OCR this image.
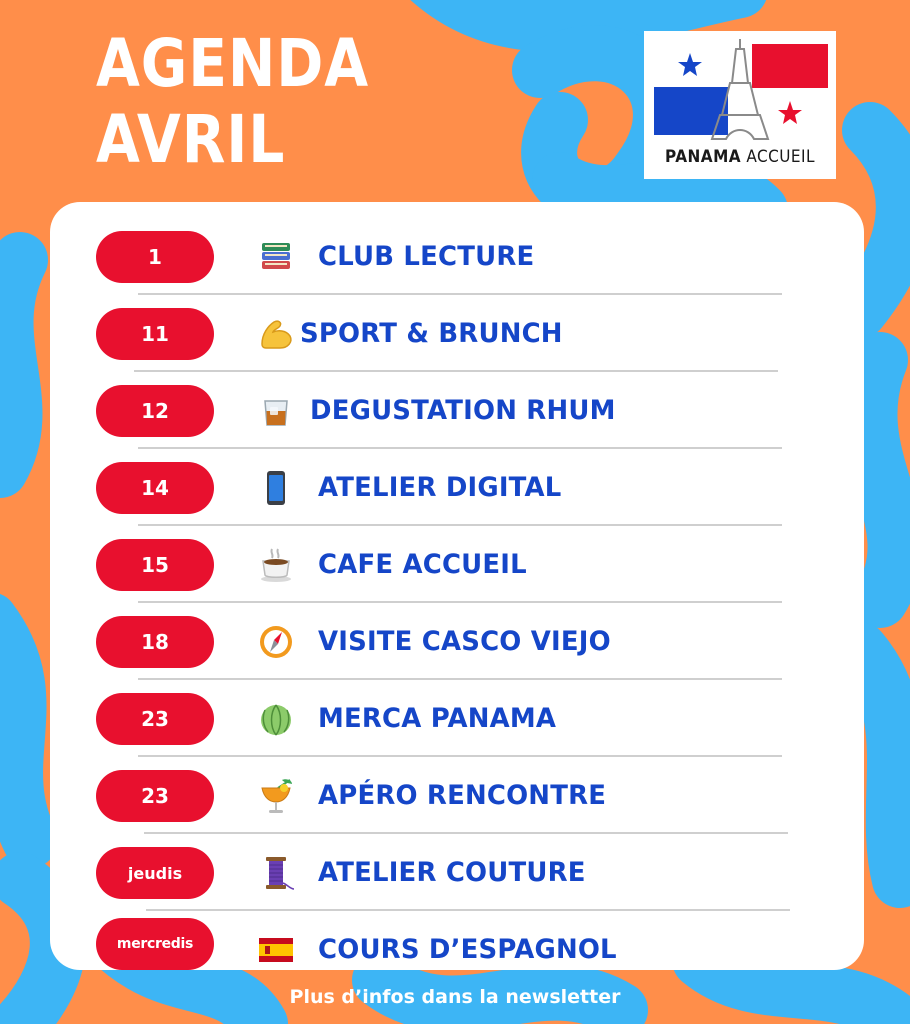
AGENDA
AVRIL	PANAMA ACCUEIL
1	CLUB LECTURE
11	SPORT & BRUNCH
12	DEGUSTATION RHUM
14	ATELIER DIGITAL
15	CAFE ACCUEIL
18	VISITE CASCO VIEJO
23	MERCA PANAMA
23	APÉRO RENCONTRE
jeudis	ATELIER COUTURE
mercredis	COURS D’ESPAGNOL
Plus d’infos dans la newsletter
